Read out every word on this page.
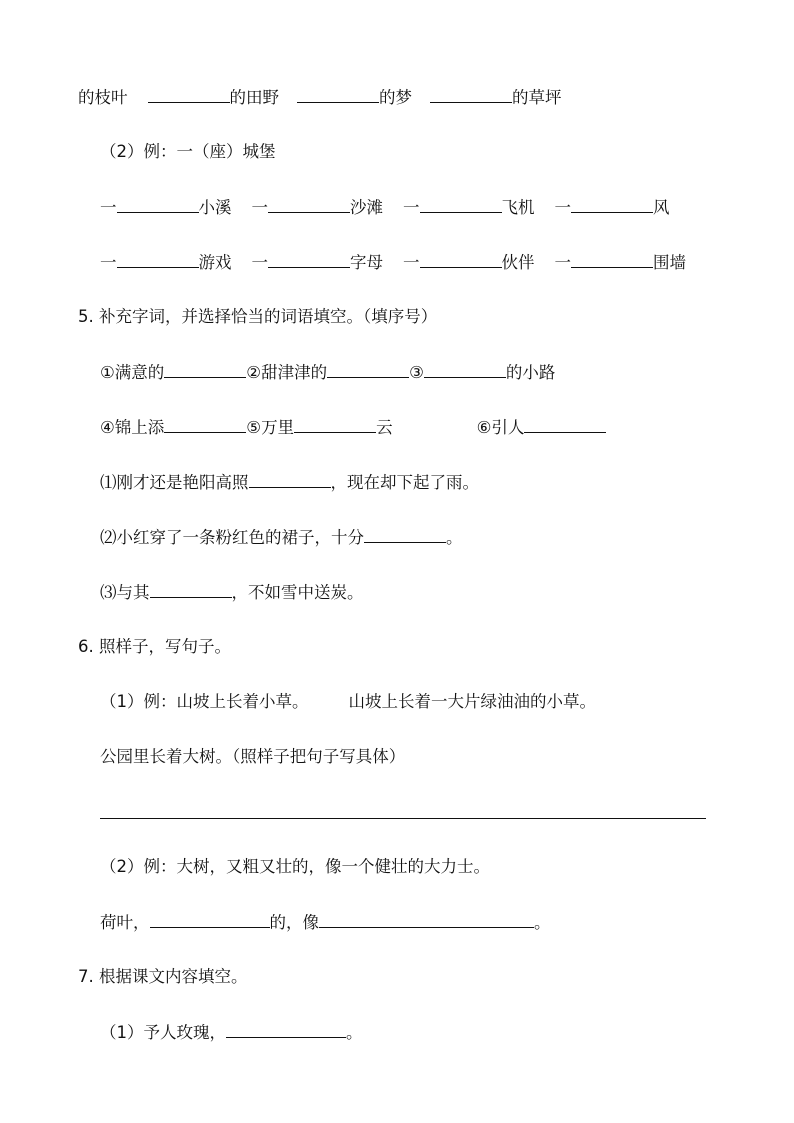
的枝叶	的田野	的梦	的草坪
（2）例：一（座）城堡
一	小溪 一	沙滩 一	飞机 一	风
一	游戏 一	字母 一	伙伴 一	围墙
5. 补充字词，并选择恰当的词语填空。（填序号）
①满意的	②甜津津的	③	的小路
④锦上添	⑤万里	云	⑥引人
⑴刚才还是艳阳高照	，现在却下起了雨。
⑵小红穿了一条粉红色的裙子，十分	。
⑶与其	，不如雪中送炭。
6. 照样子，写句子。
（1）例：山坡上长着小草。 山坡上长着一大片绿油油的小草。
公园里长着大树。（照样子把句子写具体）
（2）例：大树，又粗又壮的，像一个健壮的大力士。
荷叶，	的，像	。
7. 根据课文内容填空。
（1）予人玫瑰，	。
